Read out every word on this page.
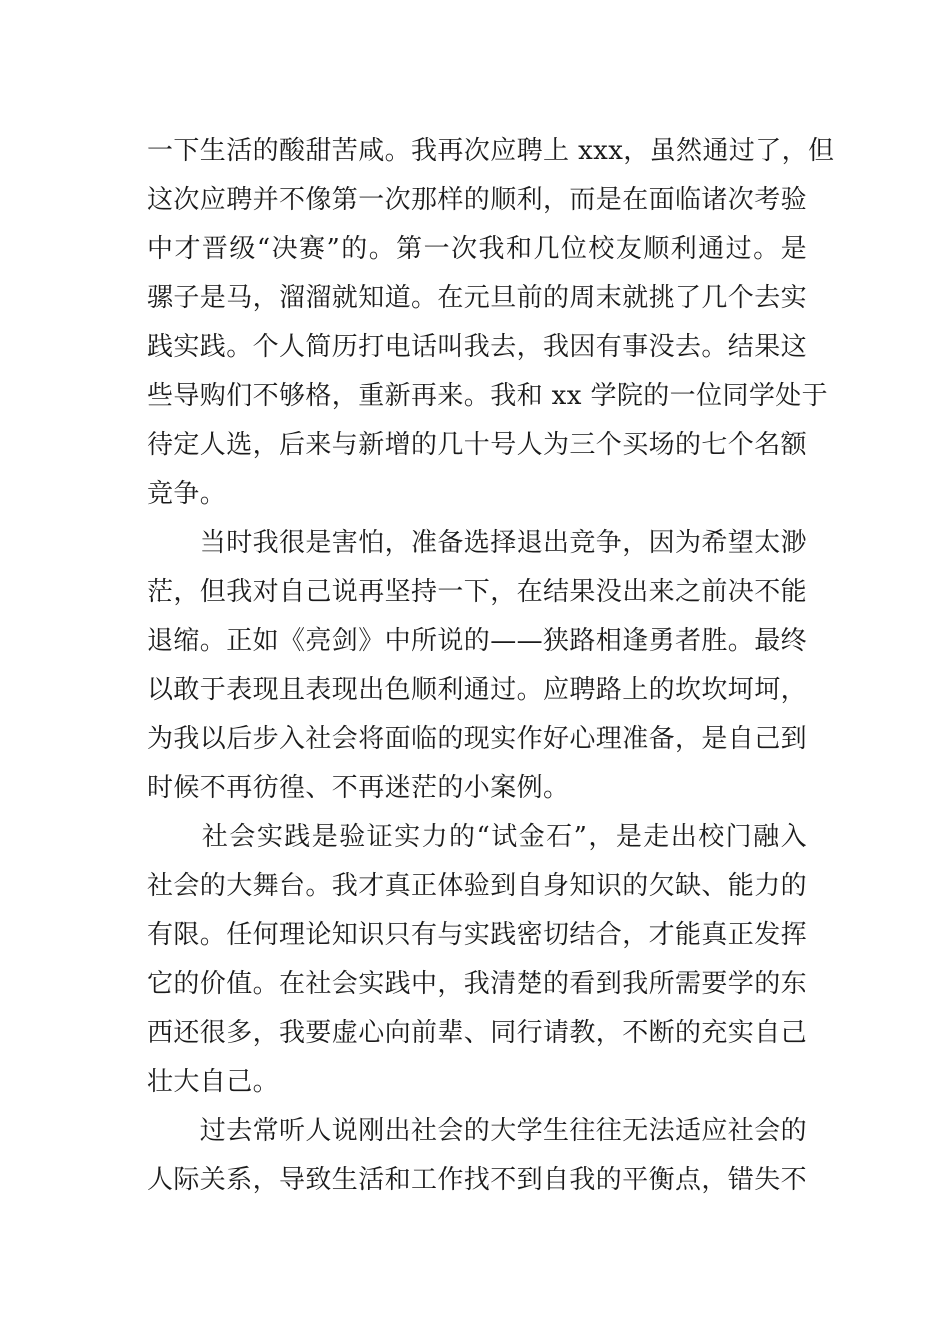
一下生活的酸甜苦咸。我再次应聘上 xxx，虽然通过了，但
这次应聘并不像第一次那样的顺利，而是在面临诸次考验
中才晋级“决赛”的。第一次我和几位校友顺利通过。是
骡子是马，溜溜就知道。在元旦前的周末就挑了几个去实
践实践。个人简历打电话叫我去，我因有事没去。结果这
些导购们不够格，重新再来。我和 xx 学院的一位同学处于
待定人选，后来与新增的几十号人为三个买场的七个名额
竞争。
　　当时我很是害怕，准备选择退出竞争，因为希望太渺
茫，但我对自己说再坚持一下，在结果没出来之前决不能
退缩。正如《亮剑》中所说的——狭路相逢勇者胜。最终
以敢于表现且表现出色顺利通过。应聘路上的坎坎坷坷，
为我以后步入社会将面临的现实作好心理准备，是自己到
时候不再彷徨、不再迷茫的小案例。
　　社会实践是验证实力的“试金石”，是走出校门融入
社会的大舞台。我才真正体验到自身知识的欠缺、能力的
有限。任何理论知识只有与实践密切结合，才能真正发挥
它的价值。在社会实践中，我清楚的看到我所需要学的东
西还很多，我要虚心向前辈、同行请教，不断的充实自己
壮大自己。
　　过去常听人说刚出社会的大学生往往无法适应社会的
人际关系，导致生活和工作找不到自我的平衡点，错失不
